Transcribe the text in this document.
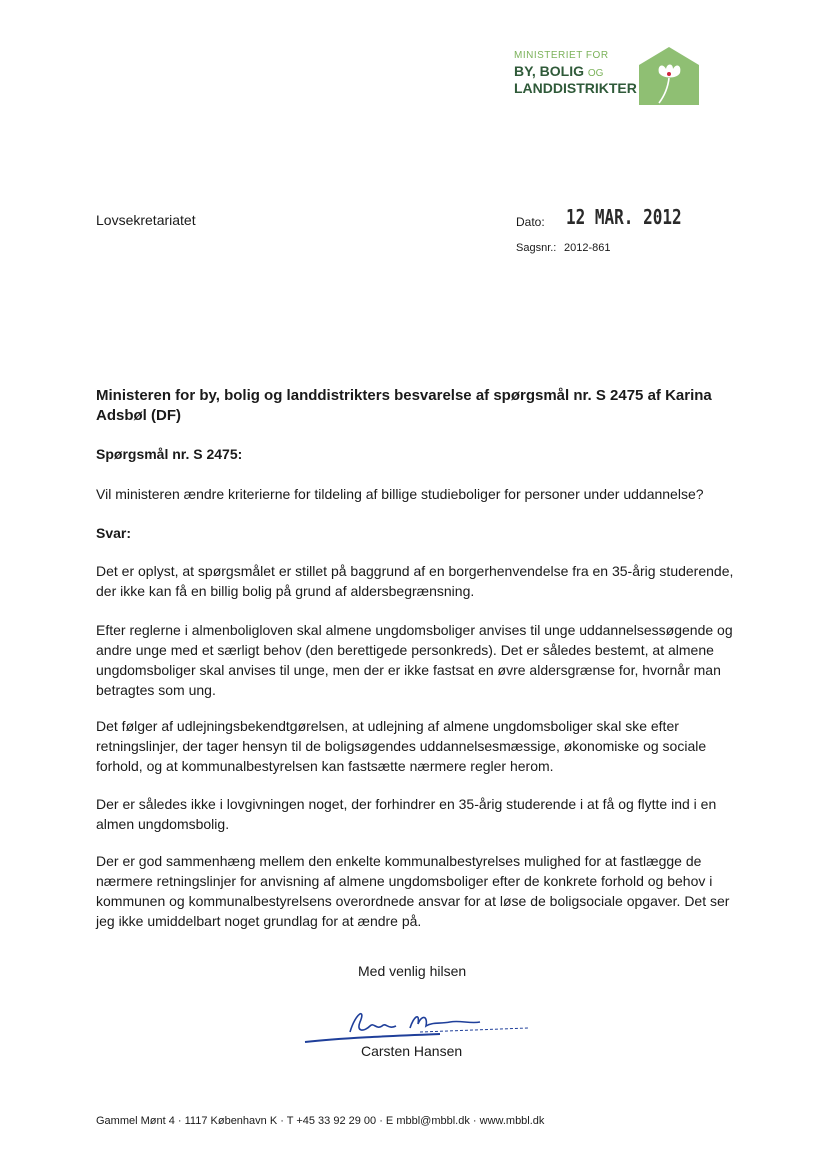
MINISTERIET FOR
BY, BOLIG OG
LANDDISTRIKTER
Lovsekretariatet	Dato: 12 MAR. 2012
Sagsnr.: 2012-861
Ministeren for by, bolig og landdistrikters besvarelse af spørgsmål nr. S 2475 af Karina Adsbøl (DF)
Spørgsmål nr. S 2475:
Vil ministeren ændre kriterierne for tildeling af billige studieboliger for personer under uddannelse?
Svar:

Det er oplyst, at spørgsmålet er stillet på baggrund af en borgerhenvendelse fra en 35-årig studerende, der ikke kan få en billig bolig på grund af aldersbegrænsning.

Efter reglerne i almenboligloven skal almene ungdomsboliger anvises til unge uddannelsessøgende og andre unge med et særligt behov (den berettigede personkreds). Det er således bestemt, at almene ungdomsboliger skal anvises til unge, men der er ikke fastsat en øvre aldersgrænse for, hvornår man betragtes som ung.

Det følger af udlejningsbekendtgørelsen, at udlejning af almene ungdomsboliger skal ske efter retningslinjer, der tager hensyn til de boligsøgendes uddannelsesmæssige, økonomiske og sociale forhold, og at kommunalbestyrelsen kan fastsætte nærmere regler herom.

Der er således ikke i lovgivningen noget, der forhindrer en 35-årig studerende i at få og flytte ind i en almen ungdomsbolig.

Der er god sammenhæng mellem den enkelte kommunalbestyrelses mulighed for at fastlægge de nærmere retningslinjer for anvisning af almene ungdomsboliger efter de konkrete forhold og behov i kommunen og kommunalbestyrelsens overordnede ansvar for at løse de boligsociale opgaver. Det ser jeg ikke umiddelbart noget grundlag for at ændre på.

Med venlig hilsen
Carsten Hansen
Gammel Mønt 4 · 1117 København K · T +45 33 92 29 00 · E mbbl@mbbl.dk · www.mbbl.dk
